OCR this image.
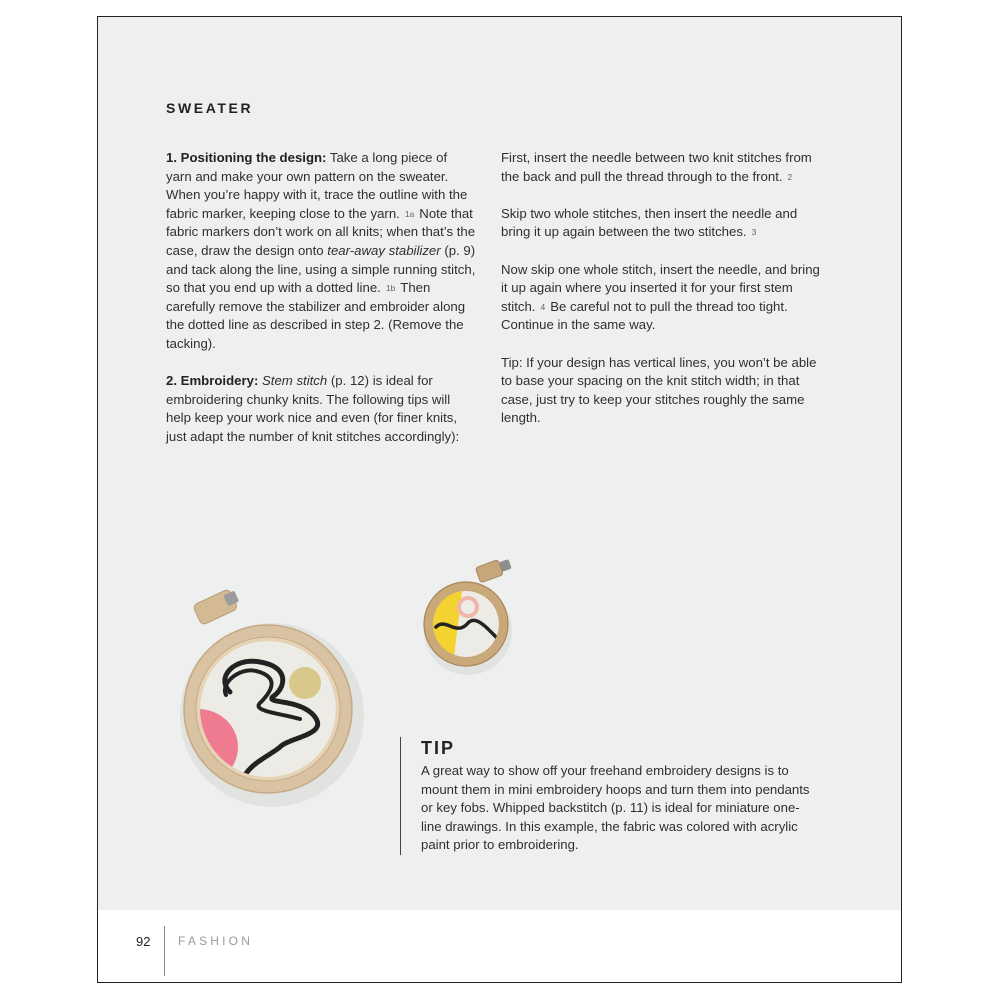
SWEATER

1. Positioning the design: Take a long piece of yarn and make your own pattern on the sweater. When you’re happy with it, trace the outline with the fabric marker, keeping close to the yarn. 1a Note that fabric markers don’t work on all knits; when that’s the case, draw the design onto tear-away stabilizer (p. 9) and tack along the line, using a simple running stitch, so that you end up with a dotted line. 1b Then carefully remove the stabilizer and embroider along the dotted line as described in step 2. (Remove the tacking).

2. Embroidery: Stem stitch (p. 12) is ideal for embroidering chunky knits. The following tips will help keep your work nice and even (for finer knits, just adapt the number of knit stitches accordingly):

First, insert the needle between two knit stitches from the back and pull the thread through to the front. 2

Skip two whole stitches, then insert the needle and bring it up again between the two stitches. 3

Now skip one whole stitch, insert the needle, and bring it up again where you inserted it for your first stem stitch. 4 Be careful not to pull the thread too tight. Continue in the same way.

Tip: If your design has vertical lines, you won’t be able to base your spacing on the knit stitch width; in that case, just try to keep your stitches roughly the same length.

TIP
A great way to show off your freehand embroidery designs is to mount them in mini embroidery hoops and turn them into pendants or key fobs. Whipped backstitch (p. 11) is ideal for miniature one-line drawings. In this example, the fabric was colored with acrylic paint prior to embroidering.
92 FASHION
